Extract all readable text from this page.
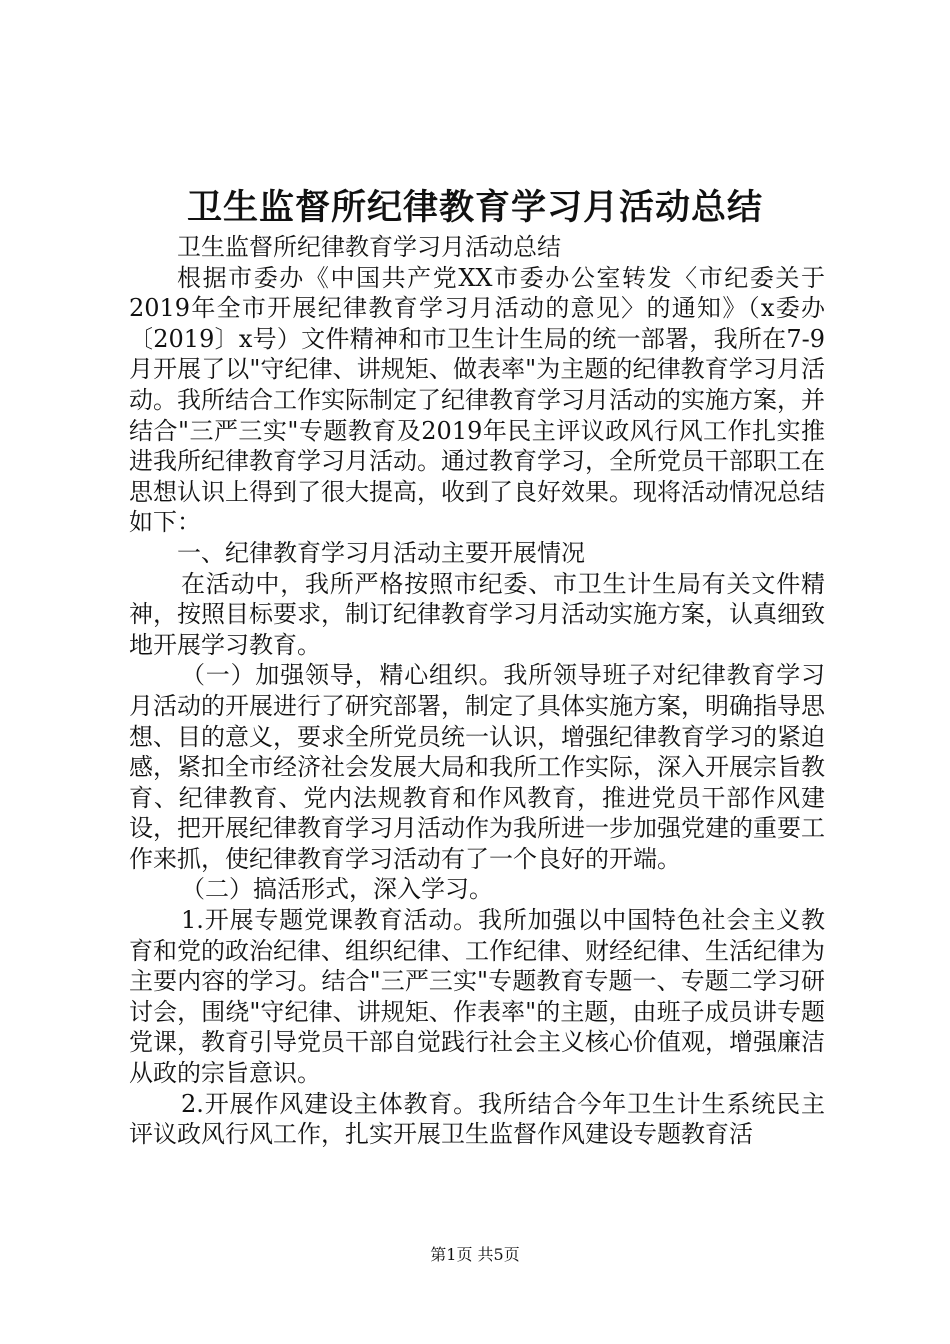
卫生监督所纪律教育学习月活动总结

卫生监督所纪律教育学习月活动总结

根据市委办《中国共产党XX市委办公室转发〈市纪委关于2019年全市开展纪律教育学习月活动的意见〉的通知》（x委办〔2019〕x号）文件精神和市卫生计生局的统一部署，我所在7-9月开展了以"守纪律、讲规矩、做表率"为主题的纪律教育学习月活动。我所结合工作实际制定了纪律教育学习月活动的实施方案，并结合"三严三实"专题教育及2019年民主评议政风行风工作扎实推进我所纪律教育学习月活动。通过教育学习，全所党员干部职工在思想认识上得到了很大提高，收到了良好效果。现将活动情况总结如下：

一、纪律教育学习月活动主要开展情况

在活动中，我所严格按照市纪委、市卫生计生局有关文件精神，按照目标要求，制订纪律教育学习月活动实施方案，认真细致地开展学习教育。

（一）加强领导，精心组织。我所领导班子对纪律教育学习月活动的开展进行了研究部署，制定了具体实施方案，明确指导思想、目的意义，要求全所党员统一认识，增强纪律教育学习的紧迫感，紧扣全市经济社会发展大局和我所工作实际，深入开展宗旨教育、纪律教育、党内法规教育和作风教育，推进党员干部作风建设，把开展纪律教育学习月活动作为我所进一步加强党建的重要工作来抓，使纪律教育学习活动有了一个良好的开端。

（二）搞活形式，深入学习。

1.开展专题党课教育活动。我所加强以中国特色社会主义教育和党的政治纪律、组织纪律、工作纪律、财经纪律、生活纪律为主要内容的学习。结合"三严三实"专题教育专题一、专题二学习研讨会，围绕"守纪律、讲规矩、作表率"的主题，由班子成员讲专题党课，教育引导党员干部自觉践行社会主义核心价值观，增强廉洁从政的宗旨意识。

2.开展作风建设主体教育。我所结合今年卫生计生系统民主评议政风行风工作，扎实开展卫生监督作风建设专题教育活

第1页 共5页
